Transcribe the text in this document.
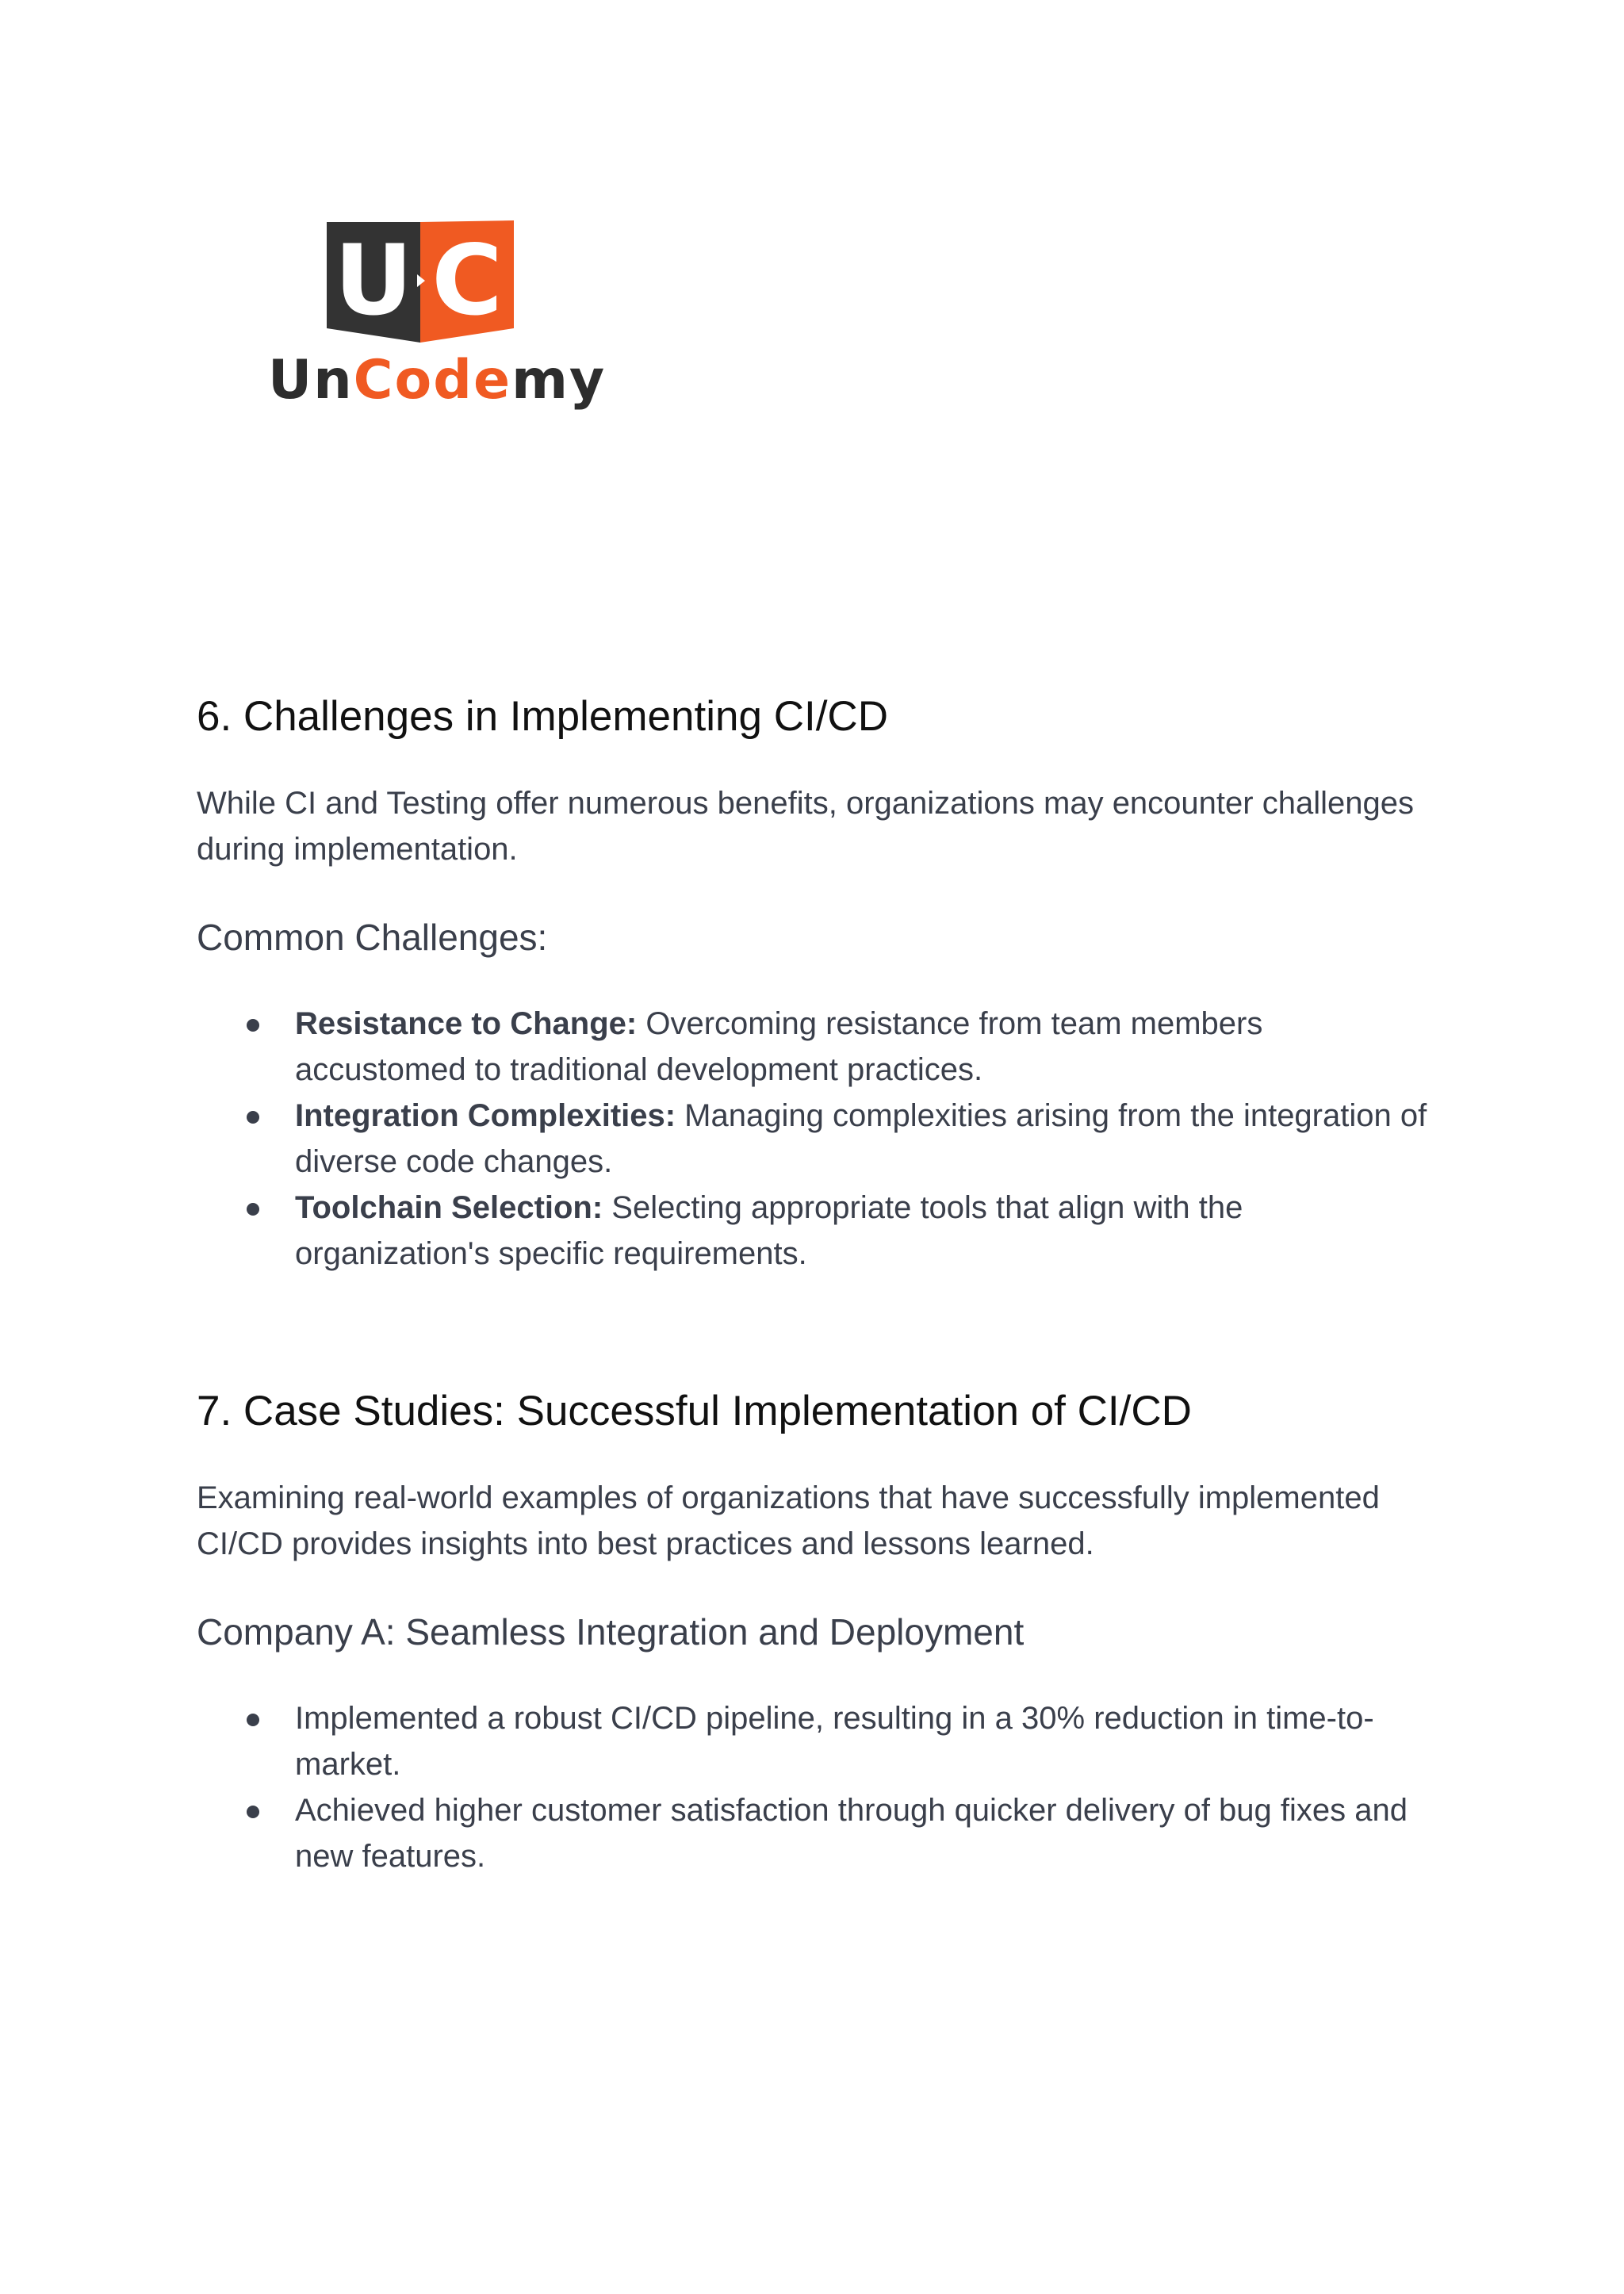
U C
UnCodemy
6. Challenges in Implementing CI/CD

While CI and Testing offer numerous benefits, organizations may encounter challenges during implementation.

Common Challenges:
Resistance to Change: Overcoming resistance from team members accustomed to traditional development practices.
Integration Complexities: Managing complexities arising from the integration of diverse code changes.
Toolchain Selection: Selecting appropriate tools that align with the organization's specific requirements.
7. Case Studies: Successful Implementation of CI/CD

Examining real-world examples of organizations that have successfully implemented CI/CD provides insights into best practices and lessons learned.

Company A: Seamless Integration and Deployment
Implemented a robust CI/CD pipeline, resulting in a 30% reduction in time-to-market.
Achieved higher customer satisfaction through quicker delivery of bug fixes and new features.
